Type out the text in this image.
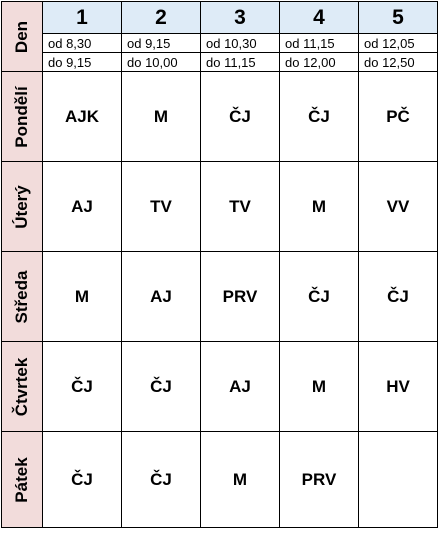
Den	1	2	3	4	5
	od 8,30	od 9,15	od 10,30	od 11,15	od 12,05
	do 9,15	do 10,00	do 11,15	do 12,00	do 12,50

Pondělí	AJK	M	ČJ	ČJ	PČ

Úterý	AJ	TV	TV	M	VV

Středa	M	AJ	PRV	ČJ	ČJ

Čtvrtek	ČJ	ČJ	AJ	M	HV

Pátek	ČJ	ČJ	M	PRV	
